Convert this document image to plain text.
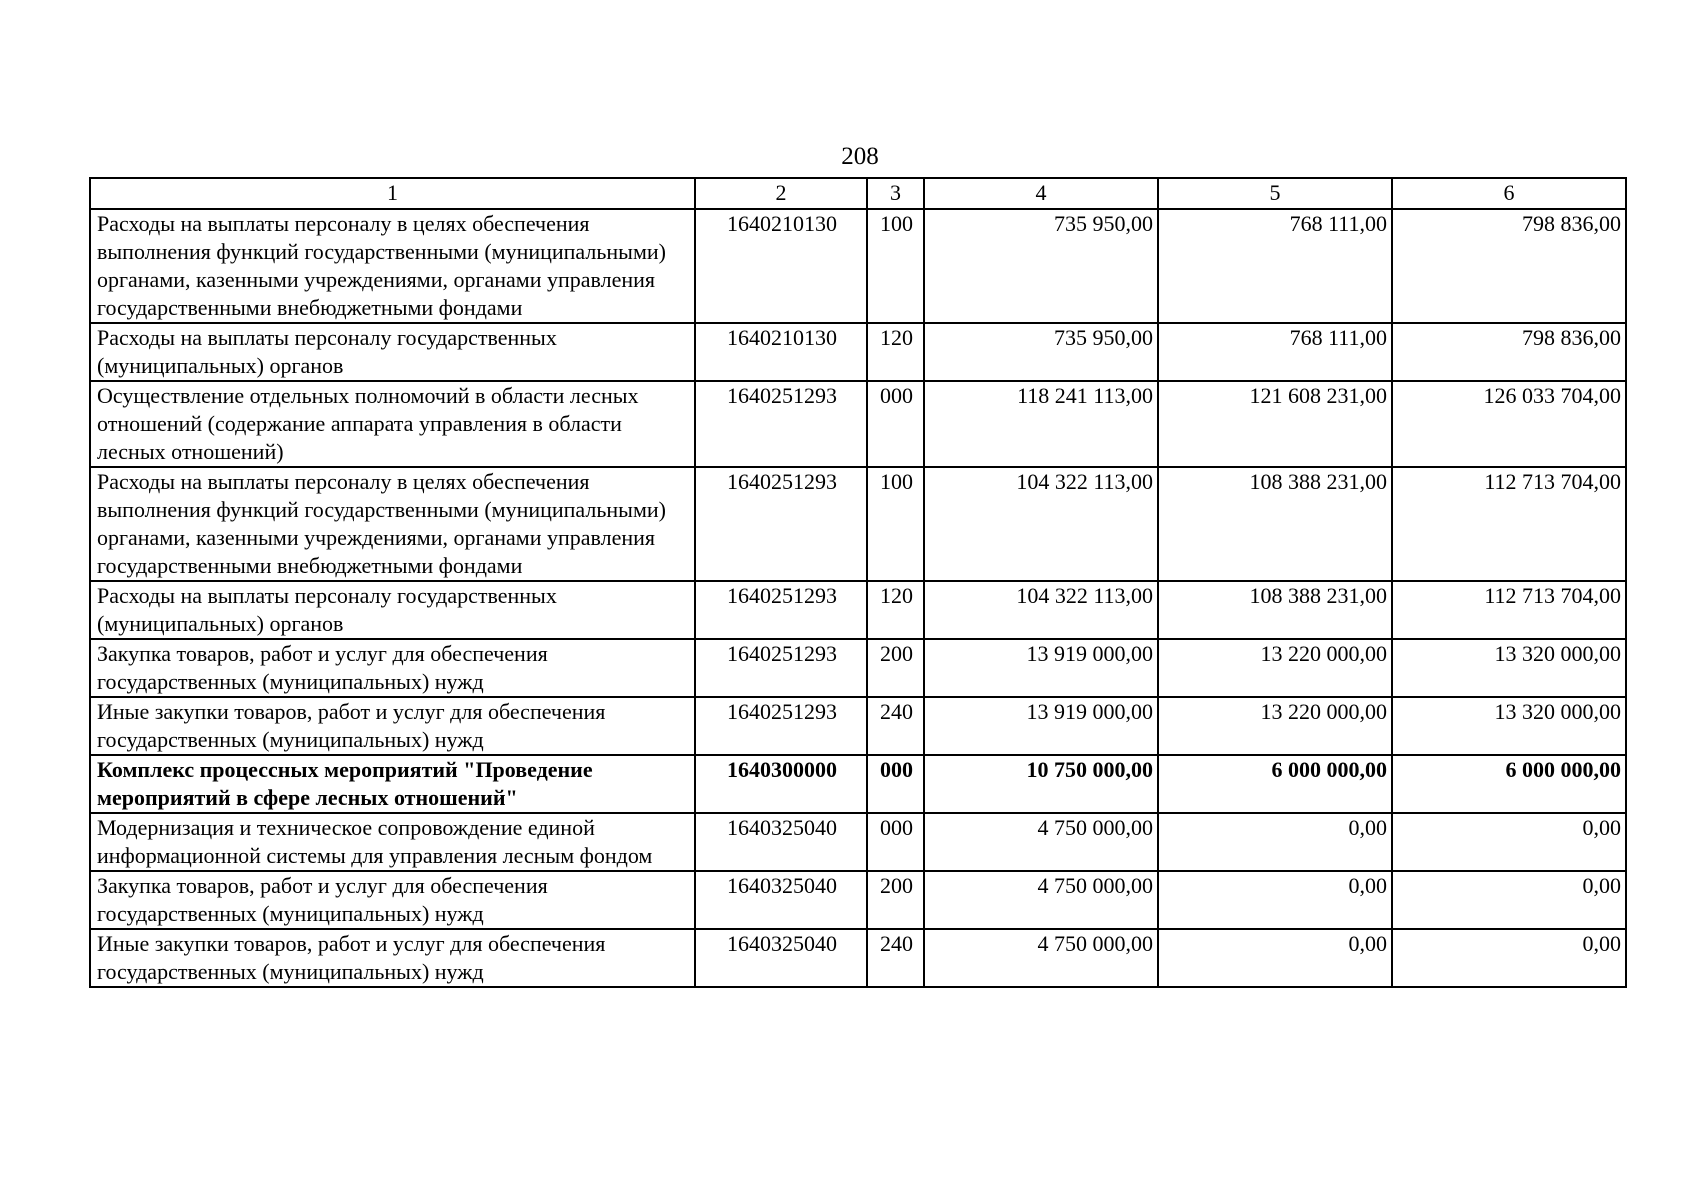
208
1	2	3	4	5	6
Расходы на выплаты персоналу в целях обеспечения выполнения функций государственными (муниципальными) органами, казенными учреждениями, органами управления государственными внебюджетными фондами	1640210130	100	735 950,00	768 111,00	798 836,00
Расходы на выплаты персоналу государственных (муниципальных) органов	1640210130	120	735 950,00	768 111,00	798 836,00
Осуществление отдельных полномочий в области лесных отношений (содержание аппарата управления в области лесных отношений)	1640251293	000	118 241 113,00	121 608 231,00	126 033 704,00
Расходы на выплаты персоналу в целях обеспечения выполнения функций государственными (муниципальными) органами, казенными учреждениями, органами управления государственными внебюджетными фондами	1640251293	100	104 322 113,00	108 388 231,00	112 713 704,00
Расходы на выплаты персоналу государственных (муниципальных) органов	1640251293	120	104 322 113,00	108 388 231,00	112 713 704,00
Закупка товаров, работ и услуг для обеспечения государственных (муниципальных) нужд	1640251293	200	13 919 000,00	13 220 000,00	13 320 000,00
Иные закупки товаров, работ и услуг для обеспечения государственных (муниципальных) нужд	1640251293	240	13 919 000,00	13 220 000,00	13 320 000,00
Комплекс процессных мероприятий "Проведение мероприятий в сфере лесных отношений"	1640300000	000	10 750 000,00	6 000 000,00	6 000 000,00
Модернизация и техническое сопровождение единой информационной системы для управления лесным фондом	1640325040	000	4 750 000,00	0,00	0,00
Закупка товаров, работ и услуг для обеспечения государственных (муниципальных) нужд	1640325040	200	4 750 000,00	0,00	0,00
Иные закупки товаров, работ и услуг для обеспечения государственных (муниципальных) нужд	1640325040	240	4 750 000,00	0,00	0,00
